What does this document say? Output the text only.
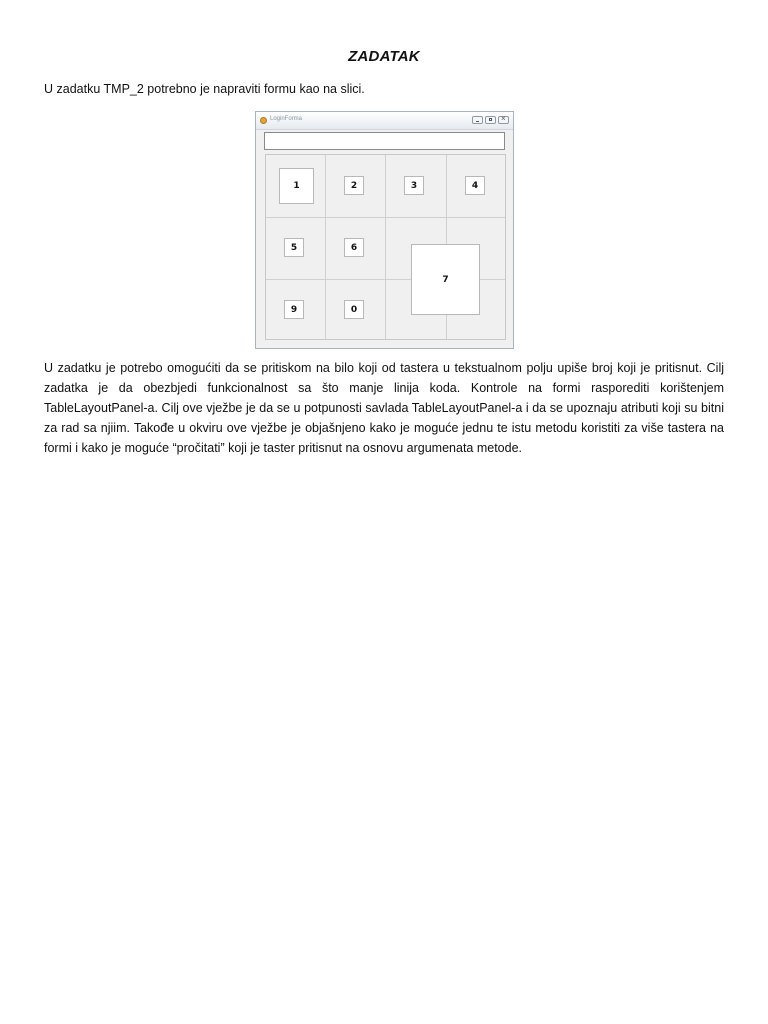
ZADATAK
U zadatku TMP_2 potrebno je napraviti formu kao na slici.
LoginForma
×
1	2	3	4
5	6
7
9	0
U zadatku je potrebo omogućiti da se pritiskom na bilo koji od tastera u tekstualnom polju upiše broj koji je pritisnut. Cilj zadatka je da obezbjedi funkcionalnost sa što manje linija koda. Kontrole na formi rasporediti korištenjem TableLayoutPanel-a. Cilj ove vježbe je da se u potpunosti savlada TableLayoutPanel-a i da se upoznaju atributi koji su bitni za rad sa njiim. Takođe u okviru ove vježbe je objašnjeno kako je moguće jednu te istu metodu koristiti za više tastera na formi i kako je moguće “pročitati” koji je taster pritisnut na osnovu argumenata metode.
